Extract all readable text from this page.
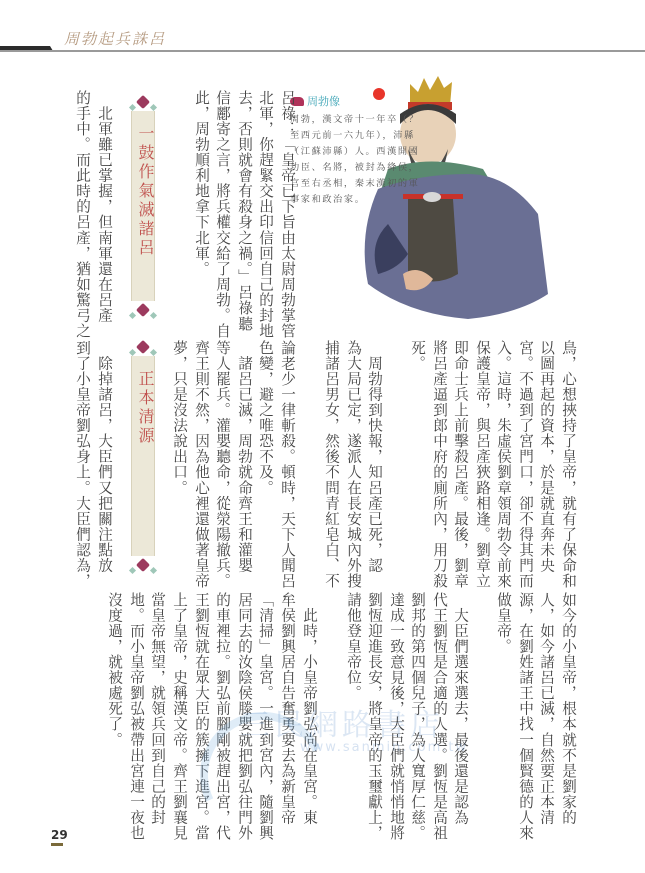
周勃起兵誅呂
周勃像
周勃，漢文帝十一年卒（？至西元前一六九年），沛縣（江蘇沛縣）人。西漢開國功臣、名將，被封為絳侯，官至右丞相，秦末漢初的軍事家和政治家。
呂祿：「皇帝已下旨由太尉周勃掌管
北軍，你趕緊交出印信回自己的封地
去，否則就會有殺身之禍。」呂祿聽
信酈寄之言，將兵權交給了周勃。自
此，周勃順利地拿下北軍。
一鼓作氣滅諸呂
　北軍雖已掌握，但南軍還在呂產
的手中。而此時的呂產，猶如驚弓之
鳥，心想挾持了皇帝，就有了保命和
以圖再起的資本，於是就直奔未央
宮。不過到了宮門口，卻不得其門而
入。這時，朱虛侯劉章領周勃令前來
保護皇帝，與呂產狹路相逢。劉章立
即命士兵上前擊殺呂產。最後，劉章
將呂產逼到郎中府的廁所內，用刀殺
死。
　周勃得到快報，知呂產已死，認
為大局已定，遂派人在長安城內外搜
捕諸呂男女，然後不問青紅皂白、不
論老少一律斬殺。頓時，天下人聞呂
色變，避之唯恐不及。
　諸呂已滅，周勃就命齊王和灌嬰
等人罷兵。灌嬰聽命，從滎陽撤兵。
齊王則不然，因為他心裡還做著皇帝
夢，只是沒法說出口。
正本清源
　除掉諸呂，大臣們又把關注點放
到了小皇帝劉弘身上。大臣們認為，
如今的小皇帝，根本就不是劉家的
人，如今諸呂已滅，自然要正本清
源，在劉姓諸王中找一個賢德的人來
做皇帝。
　大臣們選來選去，最後還是認為
代王劉恆是合適的人選。劉恆是高祖
劉邦的第四個兒子，為人寬厚仁慈。
達成一致意見後，大臣們就悄悄地將
劉恆迎進長安，將皇帝的玉璽獻上，
請他登皇帝位。
　此時，小皇帝劉弘尚在皇宮。東
牟侯劉興居自告奮勇要去為新皇帝
「清掃」皇宮。一進到宮內，隨劉興
居同去的汝陰侯滕嬰就把劉弘往門外
的車裡拉。劉弘前腳剛被趕出宮，代
王劉恆就在眾大臣的簇擁下進宮。當
上了皇帝，史稱漢文帝。齊王劉襄見
當皇帝無望，就領兵回到自己的封
地。而小皇帝劉弘被帶出宮連一夜也
沒度過，就被處死了。	三民網路書店
www.sanmin.com.tw
29
